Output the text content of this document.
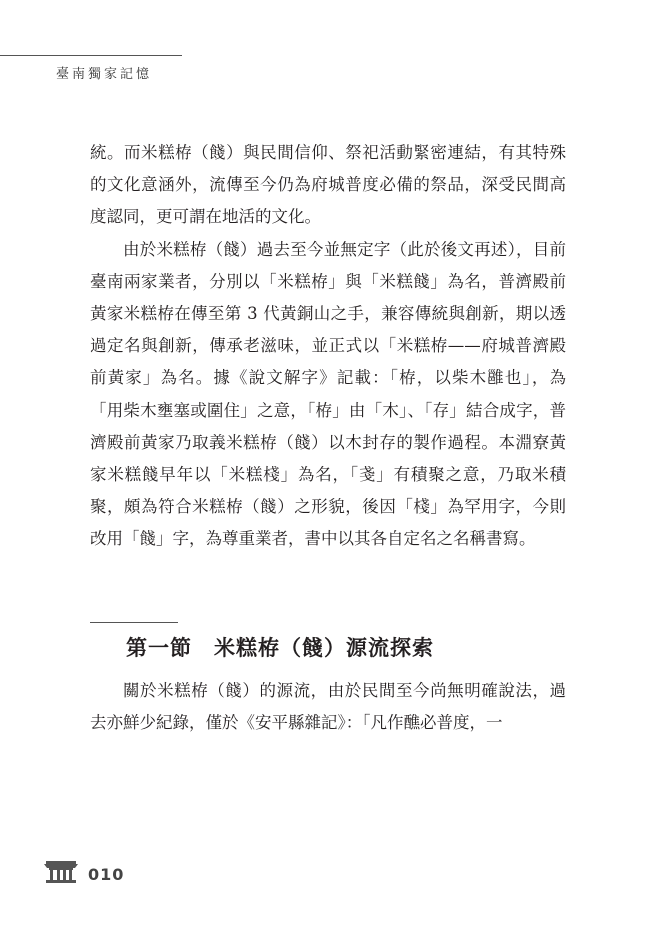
臺南獨家記憶

統。而米糕栫（餞）與民間信仰、祭祀活動緊密連結，有其特殊的文化意涵外，流傳至今仍為府城普度必備的祭品，深受民間高度認同，更可謂在地活的文化。

由於米糕栫（餞）過去至今並無定字（此於後文再述），目前臺南兩家業者，分別以「米糕栫」與「米糕餞」為名，普濟殿前黃家米糕栫在傳至第 3 代黃銅山之手，兼容傳統與創新，期以透過定名與創新，傳承老滋味，並正式以「米糕栫——府城普濟殿前黃家」為名。據《說文解字》記載：「栫，以柴木雝也」，為「用柴木壅塞或圍住」之意，「栫」由「木」、「存」結合成字，普濟殿前黃家乃取義米糕栫（餞）以木封存的製作過程。本淵寮黃家米糕餞早年以「米糕棧」為名，「戔」有積聚之意，乃取米積聚，頗為符合米糕栫（餞）之形貌，後因「棧」為罕用字，今則改用「餞」字，為尊重業者，書中以其各自定名之名稱書寫。

第一節　米糕栫（餞）源流探索

關於米糕栫（餞）的源流，由於民間至今尚無明確說法，過去亦鮮少紀錄，僅於《安平縣雜記》：「凡作醮必普度，一

010
